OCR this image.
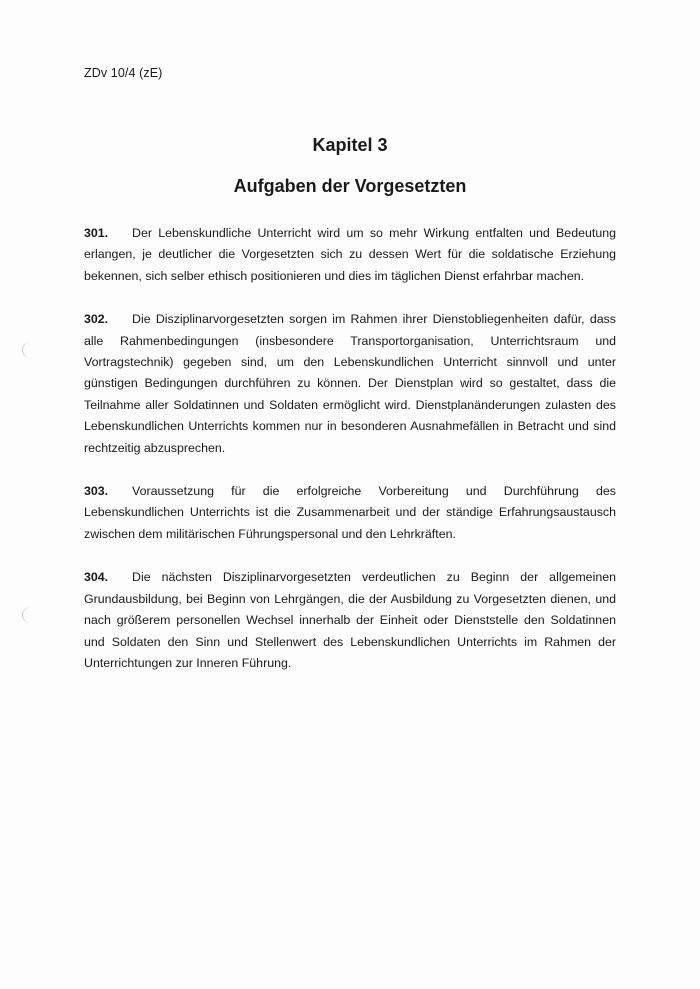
ZDv 10/4 (zE)
Kapitel 3
Aufgaben der Vorgesetzten

301. Der Lebenskundliche Unterricht wird um so mehr Wirkung entfalten und Bedeutung erlangen, je deutlicher die Vorgesetzten sich zu dessen Wert für die soldatische Erziehung bekennen, sich selber ethisch positionieren und dies im täglichen Dienst erfahrbar machen.

302. Die Disziplinarvorgesetzten sorgen im Rahmen ihrer Dienstobliegenheiten dafür, dass alle Rahmenbedingungen (insbesondere Transportorganisation, Unterrichtsraum und Vortragstechnik) gegeben sind, um den Lebenskundlichen Unterricht sinnvoll und unter günstigen Bedingungen durchführen zu können. Der Dienstplan wird so gestaltet, dass die Teilnahme aller Soldatinnen und Soldaten ermöglicht wird. Dienstplanänderungen zulasten des Lebenskundlichen Unterrichts kommen nur in besonderen Ausnahmefällen in Betracht und sind rechtzeitig abzusprechen.

303. Voraussetzung für die erfolgreiche Vorbereitung und Durchführung des Lebenskundlichen Unterrichts ist die Zusammenarbeit und der ständige Erfahrungsaustausch zwischen dem militärischen Führungspersonal und den Lehrkräften.

304. Die nächsten Disziplinarvorgesetzten verdeutlichen zu Beginn der allgemeinen Grundausbildung, bei Beginn von Lehrgängen, die der Ausbildung zu Vorgesetzten dienen, und nach größerem personellen Wechsel innerhalb der Einheit oder Dienststelle den Soldatinnen und Soldaten den Sinn und Stellenwert des Lebenskundlichen Unterrichts im Rahmen der Unterrichtungen zur Inneren Führung.
